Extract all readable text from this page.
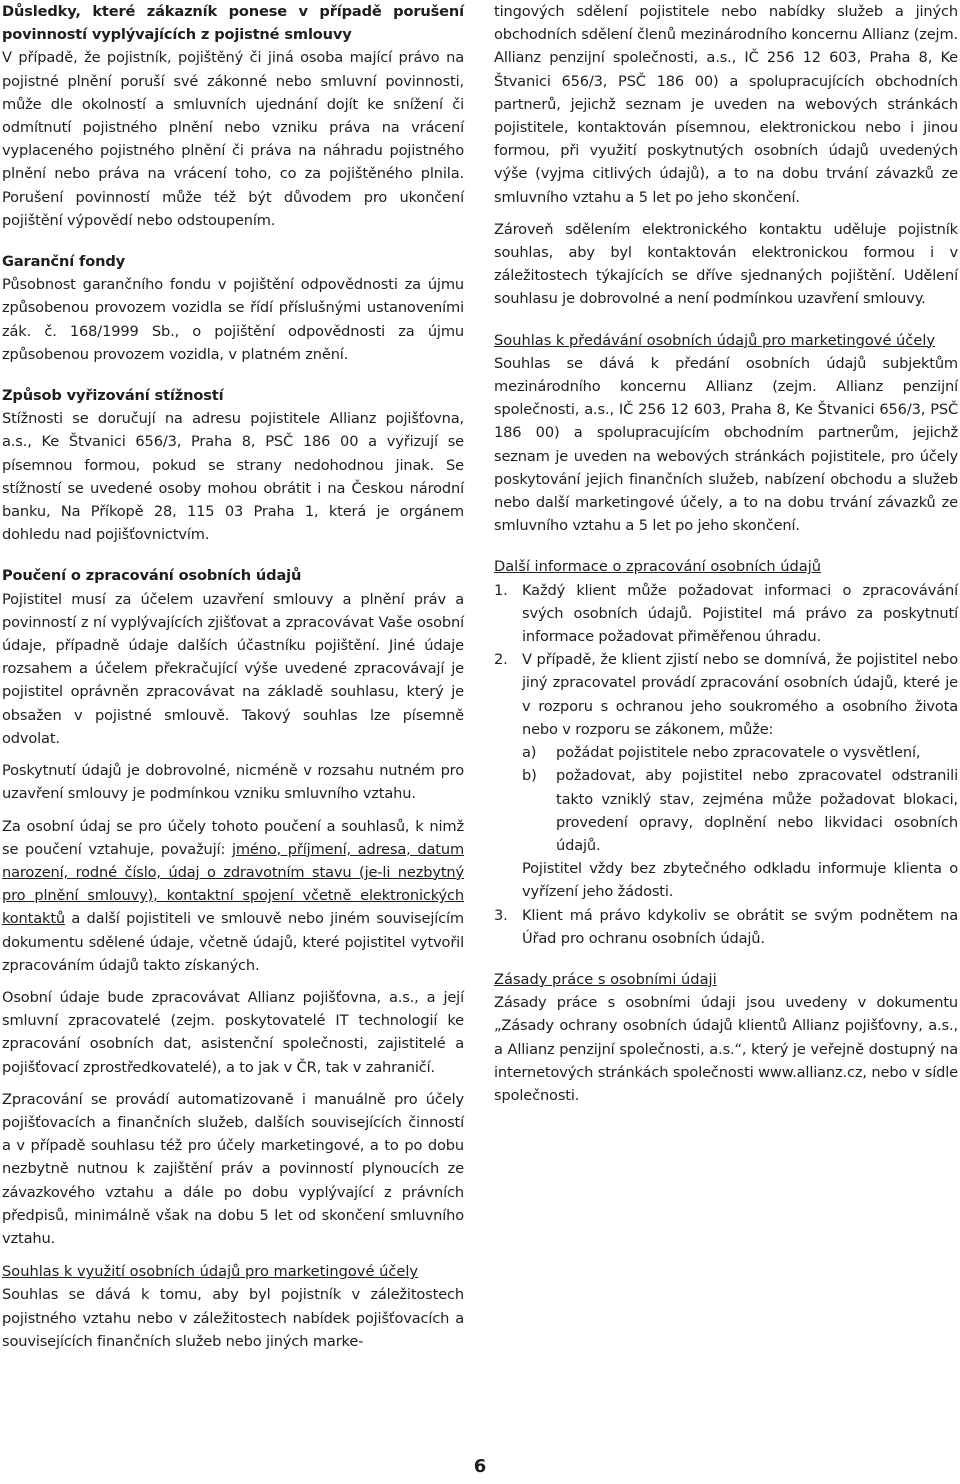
Důsledky, které zákazník ponese v případě porušení povinností vyplývajících z pojistné smlouvy

V případě, že pojistník, pojištěný či jiná osoba mající právo na pojistné plnění poruší své zákonné nebo smluvní povinnosti, může dle okolností a smluvních ujednání dojít ke snížení či odmítnutí pojistného plnění nebo vzniku práva na vrácení vyplaceného pojistného plnění či práva na náhradu pojistného plnění nebo práva na vrácení toho, co za pojištěného plnila. Porušení povinností může též být důvodem pro ukončení pojištění výpovědí nebo odstoupením.

Garanční fondy

Působnost garančního fondu v pojištění odpovědnosti za újmu způsobenou provozem vozidla se řídí příslušnými ustanoveními zák. č. 168/1999 Sb., o pojištění odpovědnosti za újmu způsobenou provozem vozidla, v platném znění.

Způsob vyřizování stížností

Stížnosti se doručují na adresu pojistitele Allianz pojišťovna, a.s., Ke Štvanici 656/3, Praha 8, PSČ 186 00 a vyřizují se písemnou formou, pokud se strany nedohodnou jinak. Se stížností se uvedené osoby mohou obrátit i na Českou národní banku, Na Příkopě 28, 115 03 Praha 1, která je orgánem dohledu nad pojišťovnictvím.

Poučení o zpracování osobních údajů

Pojistitel musí za účelem uzavření smlouvy a plnění práv a povinností z ní vyplývajících zjišťovat a zpracovávat Vaše osobní údaje, případně údaje dalších účastníku pojištění. Jiné údaje rozsahem a účelem překračující výše uvedené zpracovávají je pojistitel oprávněn zpracovávat na základě souhlasu, který je obsažen v pojistné smlouvě. Takový souhlas lze písemně odvolat.

Poskytnutí údajů je dobrovolné, nicméně v rozsahu nutném pro uzavření smlouvy je podmínkou vzniku smluvního vztahu.

Za osobní údaj se pro účely tohoto poučení a souhlasů, k nimž se poučení vztahuje, považují: jméno, příjmení, adresa, datum narození, rodné číslo, údaj o zdravotním stavu (je-li nezbytný pro plnění smlouvy), kontaktní spojení včetně elektronických kontaktů a další pojistiteli ve smlouvě nebo jiném souvisejícím dokumentu sdělené údaje, včetně údajů, které pojistitel vytvořil zpracováním údajů takto získaných.

Osobní údaje bude zpracovávat Allianz pojišťovna, a.s., a její smluvní zpracovatelé (zejm. poskytovatelé IT technologií ke zpracování osobních dat, asistenční společnosti, zajistitelé a pojišťovací zprostředkovatelé), a to jak v ČR, tak v zahraničí.

Zpracování se provádí automatizovaně i manuálně pro účely pojišťovacích a finančních služeb, dalších souvisejících činností a v případě souhlasu též pro účely marketingové, a to po dobu nezbytně nutnou k zajištění práv a povinností plynoucích ze závazkového vztahu a dále po dobu vyplývající z právních předpisů, minimálně však na dobu 5 let od skončení smluvního vztahu.

Souhlas k využití osobních údajů pro marketingové účely

Souhlas se dává k tomu, aby byl pojistník v záležitostech pojistného vztahu nebo v záležitostech nabídek pojišťovacích a souvisejících finančních služeb nebo jiných marke-

tingových sdělení pojistitele nebo nabídky služeb a jiných obchodních sdělení členů mezinárodního koncernu Allianz (zejm. Allianz penzijní společnosti, a.s., IČ 256 12 603, Praha 8, Ke Štvanici 656/3, PSČ 186 00) a spolupracujících obchodních partnerů, jejichž seznam je uveden na webových stránkách pojistitele, kontaktován písemnou, elektronickou nebo i jinou formou, při využití poskytnutých osobních údajů uvedených výše (vyjma citlivých údajů), a to na dobu trvání závazků ze smluvního vztahu a 5 let po jeho skončení.

Zároveň sdělením elektronického kontaktu uděluje pojistník souhlas, aby byl kontaktován elektronickou formou i v záležitostech týkajících se dříve sjednaných pojištění. Udělení souhlasu je dobrovolné a není podmínkou uzavření smlouvy.

Souhlas k předávání osobních údajů pro marketingové účely

Souhlas se dává k předání osobních údajů subjektům mezinárodního koncernu Allianz (zejm. Allianz penzijní společnosti, a.s., IČ 256 12 603, Praha 8, Ke Štvanici 656/3, PSČ 186 00) a spolupracujícím obchodním partnerům, jejichž seznam je uveden na webových stránkách pojistitele, pro účely poskytování jejich finančních služeb, nabízení obchodu a služeb nebo další marketingové účely, a to na dobu trvání závazků ze smluvního vztahu a 5 let po jeho skončení.

Další informace o zpracování osobních údajů
1. Každý klient může požadovat informaci o zpracovávání svých osobních údajů. Pojistitel má právo za poskytnutí informace požadovat přiměřenou úhradu.
2. V případě, že klient zjistí nebo se domnívá, že pojistitel nebo jiný zpracovatel provádí zpracování osobních údajů, které je v rozporu s ochranou jeho soukromého a osobního života nebo v rozporu se zákonem, může:
a) požádat pojistitele nebo zpracovatele o vysvětlení,
b) požadovat, aby pojistitel nebo zpracovatel odstranili takto vzniklý stav, zejména může požadovat blokaci, provedení opravy, doplnění nebo likvidaci osobních údajů.
Pojistitel vždy bez zbytečného odkladu informuje klienta o vyřízení jeho žádosti.
3. Klient má právo kdykoliv se obrátit se svým podnětem na Úřad pro ochranu osobních údajů.
Zásady práce s osobními údaji

Zásady práce s osobními údaji jsou uvedeny v dokumentu „Zásady ochrany osobních údajů klientů Allianz pojišťovny, a.s., a Allianz penzijní společnosti, a.s.“, který je veřejně dostupný na internetových stránkách společnosti www.allianz.cz, nebo v sídle společnosti.

6
